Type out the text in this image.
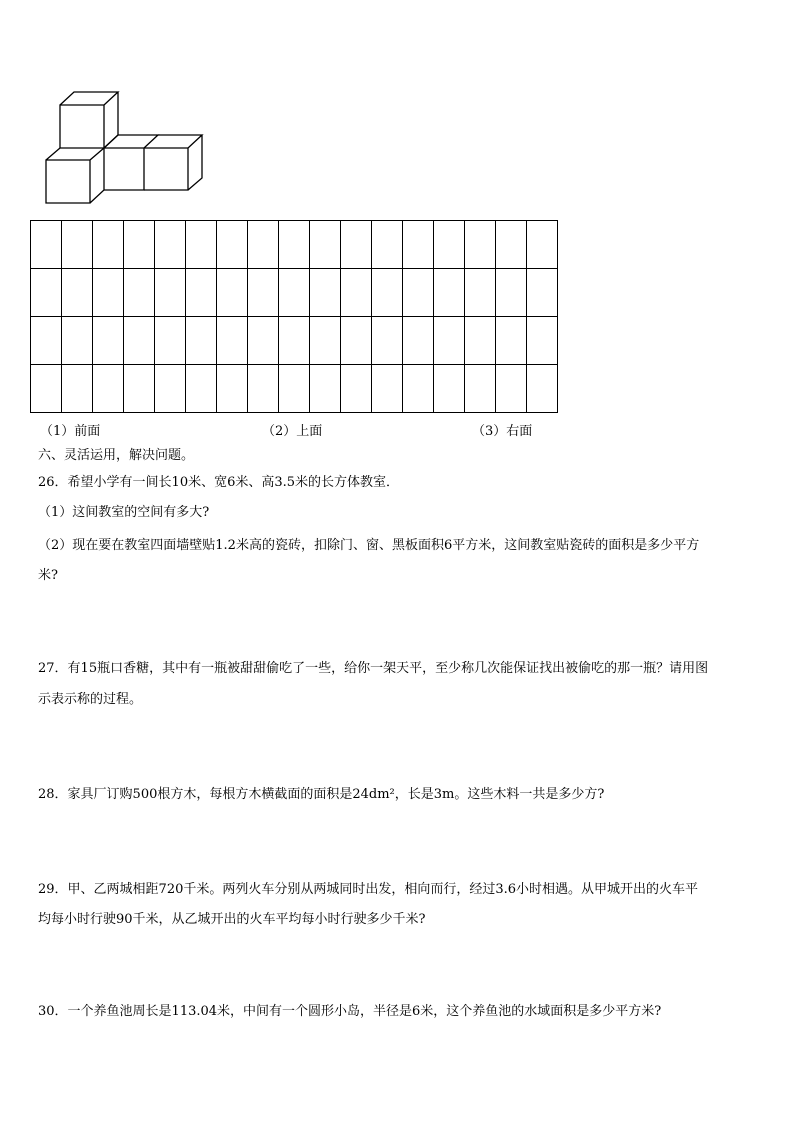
（1）前面	（2）上面	（3）右面
六、灵活运用，解决问题。
26．希望小学有一间长10米、宽6米、高3.5米的长方体教室．
（1）这间教室的空间有多大?
（2）现在要在教室四面墙壁贴1.2米高的瓷砖，扣除门、窗、黑板面积6平方米，这间教室贴瓷砖的面积是多少平方
米?
27．有15瓶口香糖，其中有一瓶被甜甜偷吃了一些，给你一架天平，至少称几次能保证找出被偷吃的那一瓶？请用图
示表示称的过程。
28．家具厂订购500根方木，每根方木横截面的面积是24dm²，长是3m。这些木料一共是多少方?
29．甲、乙两城相距720千米。两列火车分别从两城同时出发，相向而行，经过3.6小时相遇。从甲城开出的火车平
均每小时行驶90千米，从乙城开出的火车平均每小时行驶多少千米?
30．一个养鱼池周长是113.04米，中间有一个圆形小岛，半径是6米，这个养鱼池的水域面积是多少平方米?
